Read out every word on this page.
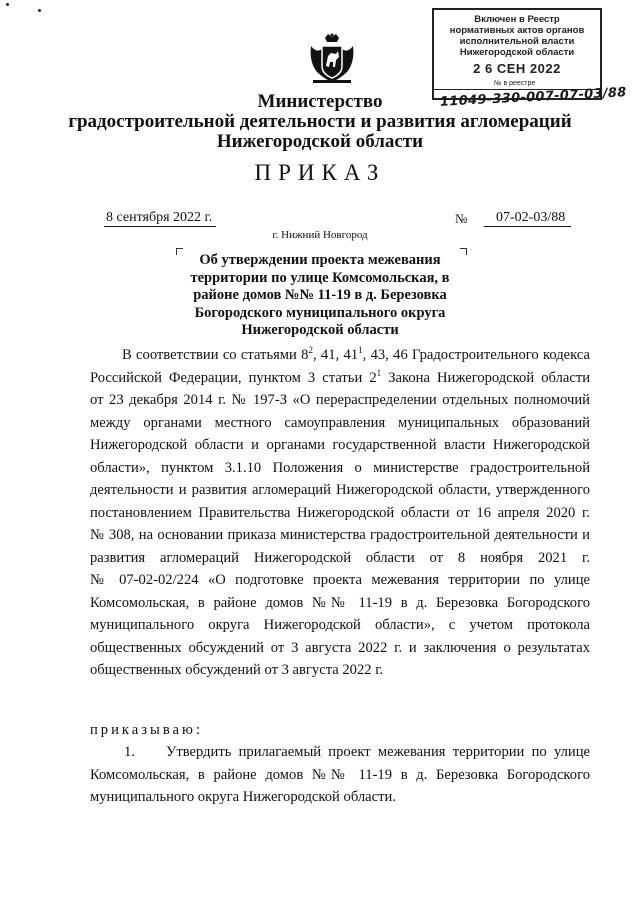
Включен в Реестр
нормативных актов органов
исполнительной власти
Нижегородской области
2 6 СЕН 2022
№ в реестре
11049-330-007-07-03/88
Министерство
градостроительной деятельности и развития агломераций
Нижегородской области
ПРИКАЗ
8 сентября 2022 г.	№ 07-02-03/88
г. Нижний Новгород
Об утверждении проекта межевания
территории по улице Комсомольская, в
районе домов №№ 11-19 в д. Березовка
Богородского муниципального округа
Нижегородской области
В соответствии со статьями $8^2$, 41, $41^1$, 43, 46 Градостроительного кодекса
Российской Федерации, пунктом 3 статьи $2^1$ Закона Нижегородской области
от 23 декабря 2014 г. № 197-З «О перераспределении отдельных полномочий
между органами местного самоуправления муниципальных образований
Нижегородской области и органами государственной власти Нижегородской
области», пунктом 3.1.10 Положения о министерстве градостроительной
деятельности и развития агломераций Нижегородской области, утвержденного
постановлением Правительства Нижегородской области от 16 апреля 2020 г.
№ 308, на основании приказа министерства градостроительной деятельности и
развития агломераций Нижегородской области от 8 ноября 2021 г.
№ 07-02-02/224 «О подготовке проекта межевания территории по улице
Комсомольская, в районе домов №№ 11-19 в д. Березовка Богородского
муниципального округа Нижегородской области», с учетом протокола
общественных обсуждений от 3 августа 2022 г. и заключения о результатах
общественных обсуждений от 3 августа 2022 г.
приказываю:
1.	Утвердить прилагаемый проект межевания территории по улице
Комсомольская, в районе домов №№ 11-19 в д. Березовка Богородского
муниципального округа Нижегородской области.
